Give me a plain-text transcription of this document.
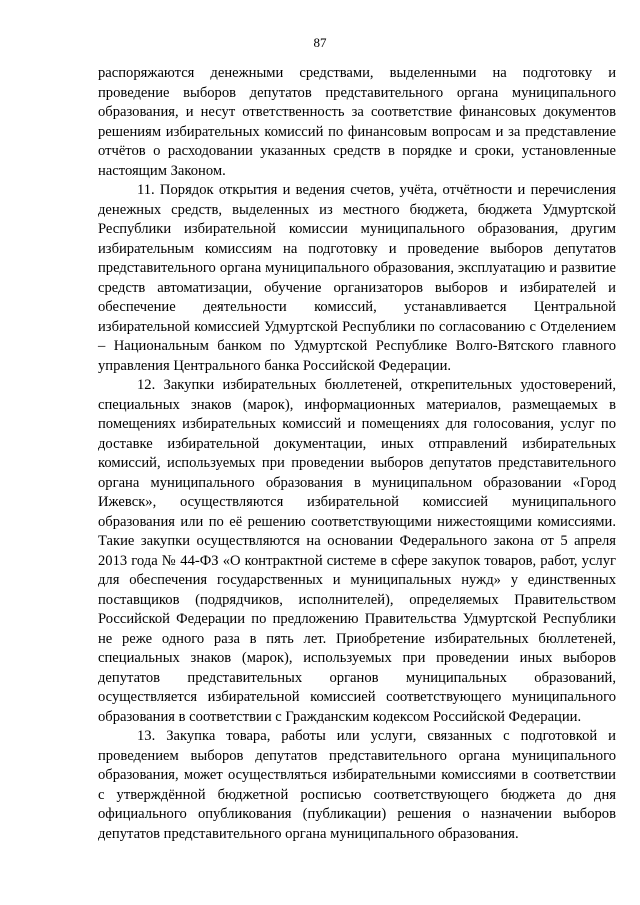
87

распоряжаются денежными средствами, выделенными на подготовку и проведение выборов депутатов представительного органа муниципального образования, и несут ответственность за соответствие финансовых документов решениям избирательных комиссий по финансовым вопросам и за представление отчётов о расходовании указанных средств в порядке и сроки, установленные настоящим Законом.

11. Порядок открытия и ведения счетов, учёта, отчётности и перечисления денежных средств, выделенных из местного бюджета, бюджета Удмуртской Республики избирательной комиссии муниципального образования, другим избирательным комиссиям на подготовку и проведение выборов депутатов представительного органа муниципального образования, эксплуатацию и развитие средств автоматизации, обучение организаторов выборов и избирателей и обеспечение деятельности комиссий, устанавливается Центральной избирательной комиссией Удмуртской Республики по согласованию с Отделением – Национальным банком по Удмуртской Республике Волго-Вятского главного управления Центрального банка Российской Федерации.

12. Закупки избирательных бюллетеней, открепительных удостоверений, специальных знаков (марок), информационных материалов, размещаемых в помещениях избирательных комиссий и помещениях для голосования, услуг по доставке избирательной документации, иных отправлений избирательных комиссий, используемых при проведении выборов депутатов представительного органа муниципального образования в муниципальном образовании «Город Ижевск», осуществляются избирательной комиссией муниципального образования или по её решению соответствующими нижестоящими комиссиями. Такие закупки осуществляются на основании Федерального закона от 5 апреля 2013 года № 44-ФЗ «О контрактной системе в сфере закупок товаров, работ, услуг для обеспечения государственных и муниципальных нужд» у единственных поставщиков (подрядчиков, исполнителей), определяемых Правительством Российской Федерации по предложению Правительства Удмуртской Республики не реже одного раза в пять лет. Приобретение избирательных бюллетеней, специальных знаков (марок), используемых при проведении иных выборов депутатов представительных органов муниципальных образований, осуществляется избирательной комиссией соответствующего муниципального образования в соответствии с Гражданским кодексом Российской Федерации.

13. Закупка товара, работы или услуги, связанных с подготовкой и проведением выборов депутатов представительного органа муниципального образования, может осуществляться избирательными комиссиями в соответствии с утверждённой бюджетной росписью соответствующего бюджета до дня официального опубликования (публикации) решения о назначении выборов депутатов представительного органа муниципального образования.
